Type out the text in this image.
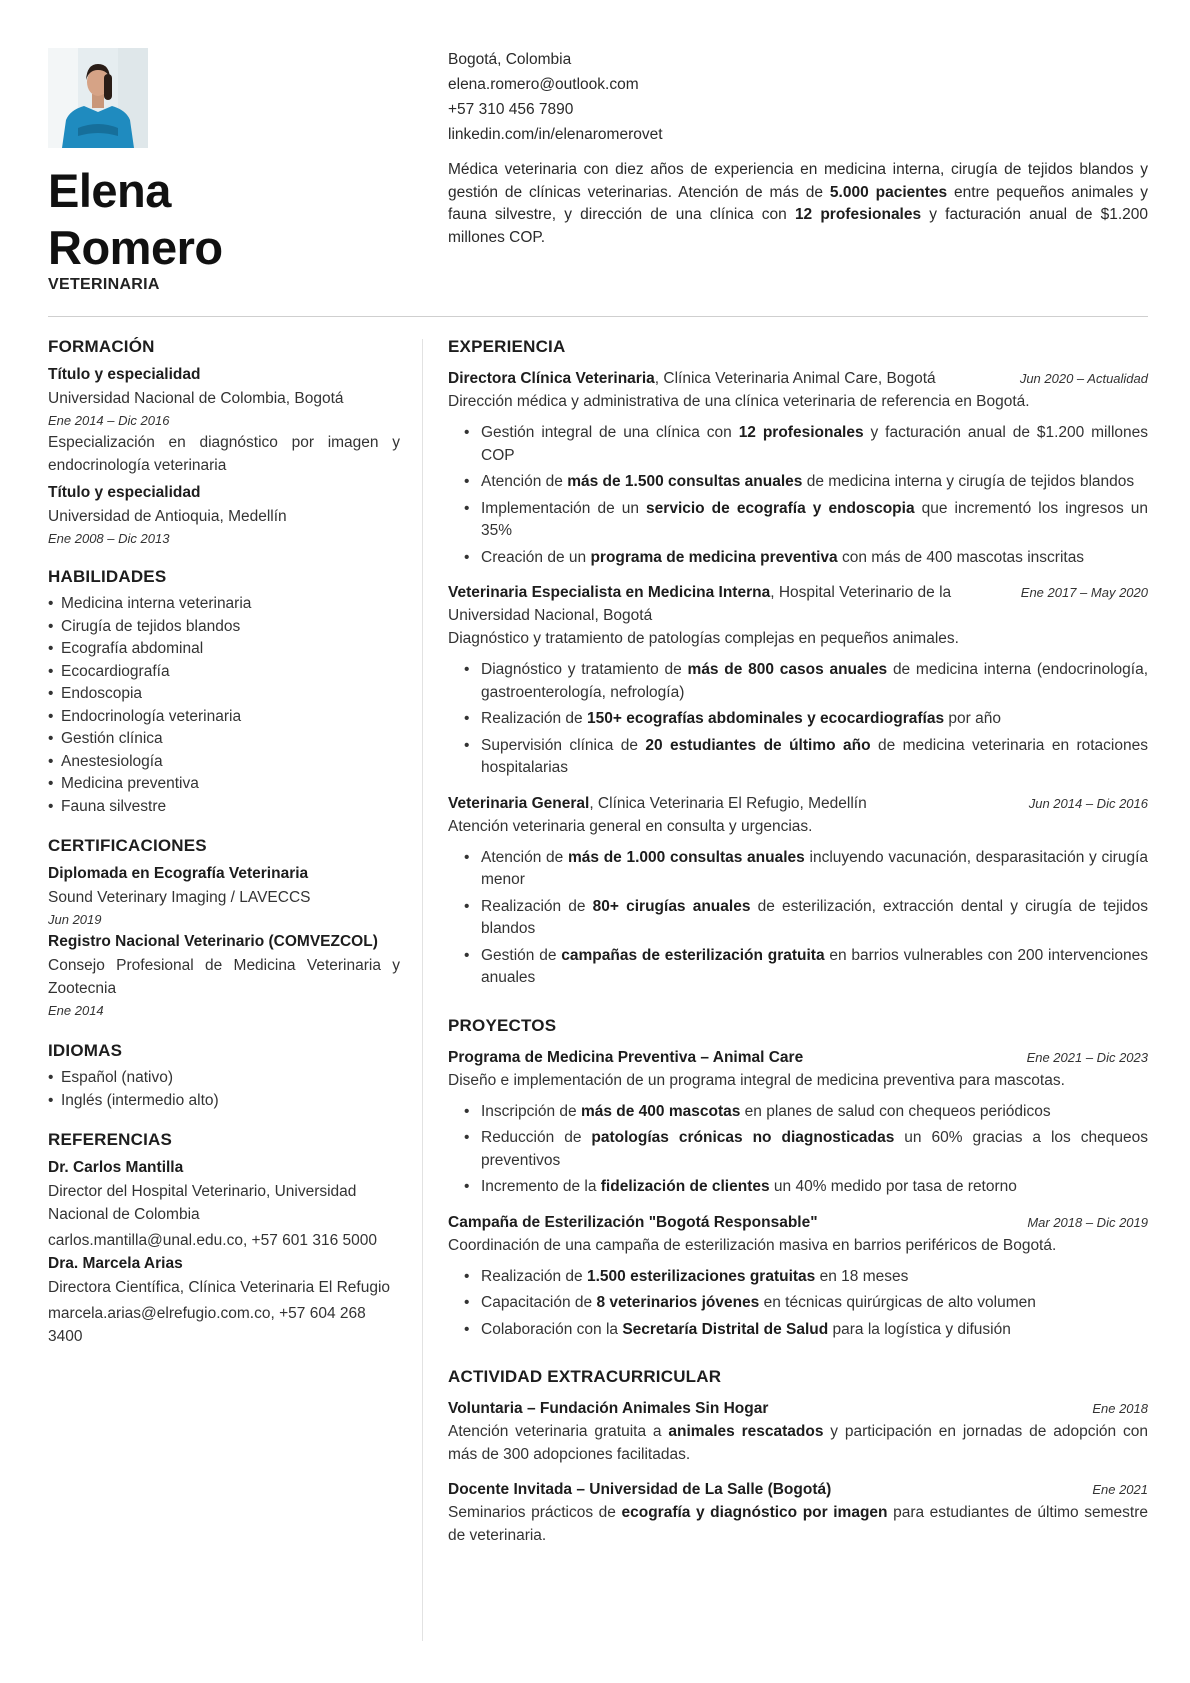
Elena
Romero
VETERINARIA
Bogotá, Colombia
elena.romero@outlook.com
+57 310 456 7890
linkedin.com/in/elenaromerovet
Médica veterinaria con diez años de experiencia en medicina interna, cirugía de tejidos blandos y gestión de clínicas veterinarias. Atención de más de 5.000 pacientes entre pequeños animales y fauna silvestre, y dirección de una clínica con 12 profesionales y facturación anual de $1.200 millones COP.
FORMACIÓN

Título y especialidad

Universidad Nacional de Colombia, Bogotá

Ene 2014 – Dic 2016

Especialización en diagnóstico por imagen y endocrinología veterinaria

Título y especialidad

Universidad de Antioquia, Medellín

Ene 2008 – Dic 2013

HABILIDADES
• Medicina interna veterinaria
• Cirugía de tejidos blandos
• Ecografía abdominal
• Ecocardiografía
• Endoscopia
• Endocrinología veterinaria
• Gestión clínica
• Anestesiología
• Medicina preventiva
• Fauna silvestre
CERTIFICACIONES

Diplomada en Ecografía Veterinaria

Sound Veterinary Imaging / LAVECCS

Jun 2019

Registro Nacional Veterinario (COMVEZCOL)

Consejo Profesional de Medicina Veterinaria y Zootecnia

Ene 2014

IDIOMAS
• Español (nativo)
• Inglés (intermedio alto)
REFERENCIAS

Dr. Carlos Mantilla

Director del Hospital Veterinario, Universidad Nacional de Colombia

carlos.mantilla@unal.edu.co, +57 601 316 5000

Dra. Marcela Arias

Directora Científica, Clínica Veterinaria El Refugio

marcela.arias@elrefugio.com.co, +57 604 268 3400

EXPERIENCIA
Directora Clínica Veterinaria, Clínica Veterinaria Animal Care, Bogotá	Jun 2020 – Actualidad

Dirección médica y administrativa de una clínica veterinaria de referencia en Bogotá.

• Gestión integral de una clínica con 12 profesionales y facturación anual de $1.200 millones COP
• Atención de más de 1.500 consultas anuales de medicina interna y cirugía de tejidos blandos
• Implementación de un servicio de ecografía y endoscopia que incrementó los ingresos un 35%
• Creación de un programa de medicina preventiva con más de 400 mascotas inscritas
Veterinaria Especialista en Medicina Interna, Hospital Veterinario de la Universidad Nacional, Bogotá
Ene 2017 – May 2020

Diagnóstico y tratamiento de patologías complejas en pequeños animales.

• Diagnóstico y tratamiento de más de 800 casos anuales de medicina interna (endocrinología, gastroenterología, nefrología)
• Realización de 150+ ecografías abdominales y ecocardiografías por año
• Supervisión clínica de 20 estudiantes de último año de medicina veterinaria en rotaciones hospitalarias
Veterinaria General, Clínica Veterinaria El Refugio, Medellín	Jun 2014 – Dic 2016

Atención veterinaria general en consulta y urgencias.

• Atención de más de 1.000 consultas anuales incluyendo vacunación, desparasitación y cirugía menor
• Realización de 80+ cirugías anuales de esterilización, extracción dental y cirugía de tejidos blandos
• Gestión de campañas de esterilización gratuita en barrios vulnerables con 200 intervenciones anuales
PROYECTOS
Programa de Medicina Preventiva – Animal Care	Ene 2021 – Dic 2023

Diseño e implementación de un programa integral de medicina preventiva para mascotas.

• Inscripción de más de 400 mascotas en planes de salud con chequeos periódicos
• Reducción de patologías crónicas no diagnosticadas un 60% gracias a los chequeos preventivos
• Incremento de la fidelización de clientes un 40% medido por tasa de retorno
Campaña de Esterilización "Bogotá Responsable"	Mar 2018 – Dic 2019

Coordinación de una campaña de esterilización masiva en barrios periféricos de Bogotá.

• Realización de 1.500 esterilizaciones gratuitas en 18 meses
• Capacitación de 8 veterinarios jóvenes en técnicas quirúrgicas de alto volumen
• Colaboración con la Secretaría Distrital de Salud para la logística y difusión
ACTIVIDAD EXTRACURRICULAR
Voluntaria – Fundación Animales Sin Hogar	Ene 2018

Atención veterinaria gratuita a animales rescatados y participación en jornadas de adopción con más de 300 adopciones facilitadas.

Docente Invitada – Universidad de La Salle (Bogotá)	Ene 2021

Seminarios prácticos de ecografía y diagnóstico por imagen para estudiantes de último semestre de veterinaria.
